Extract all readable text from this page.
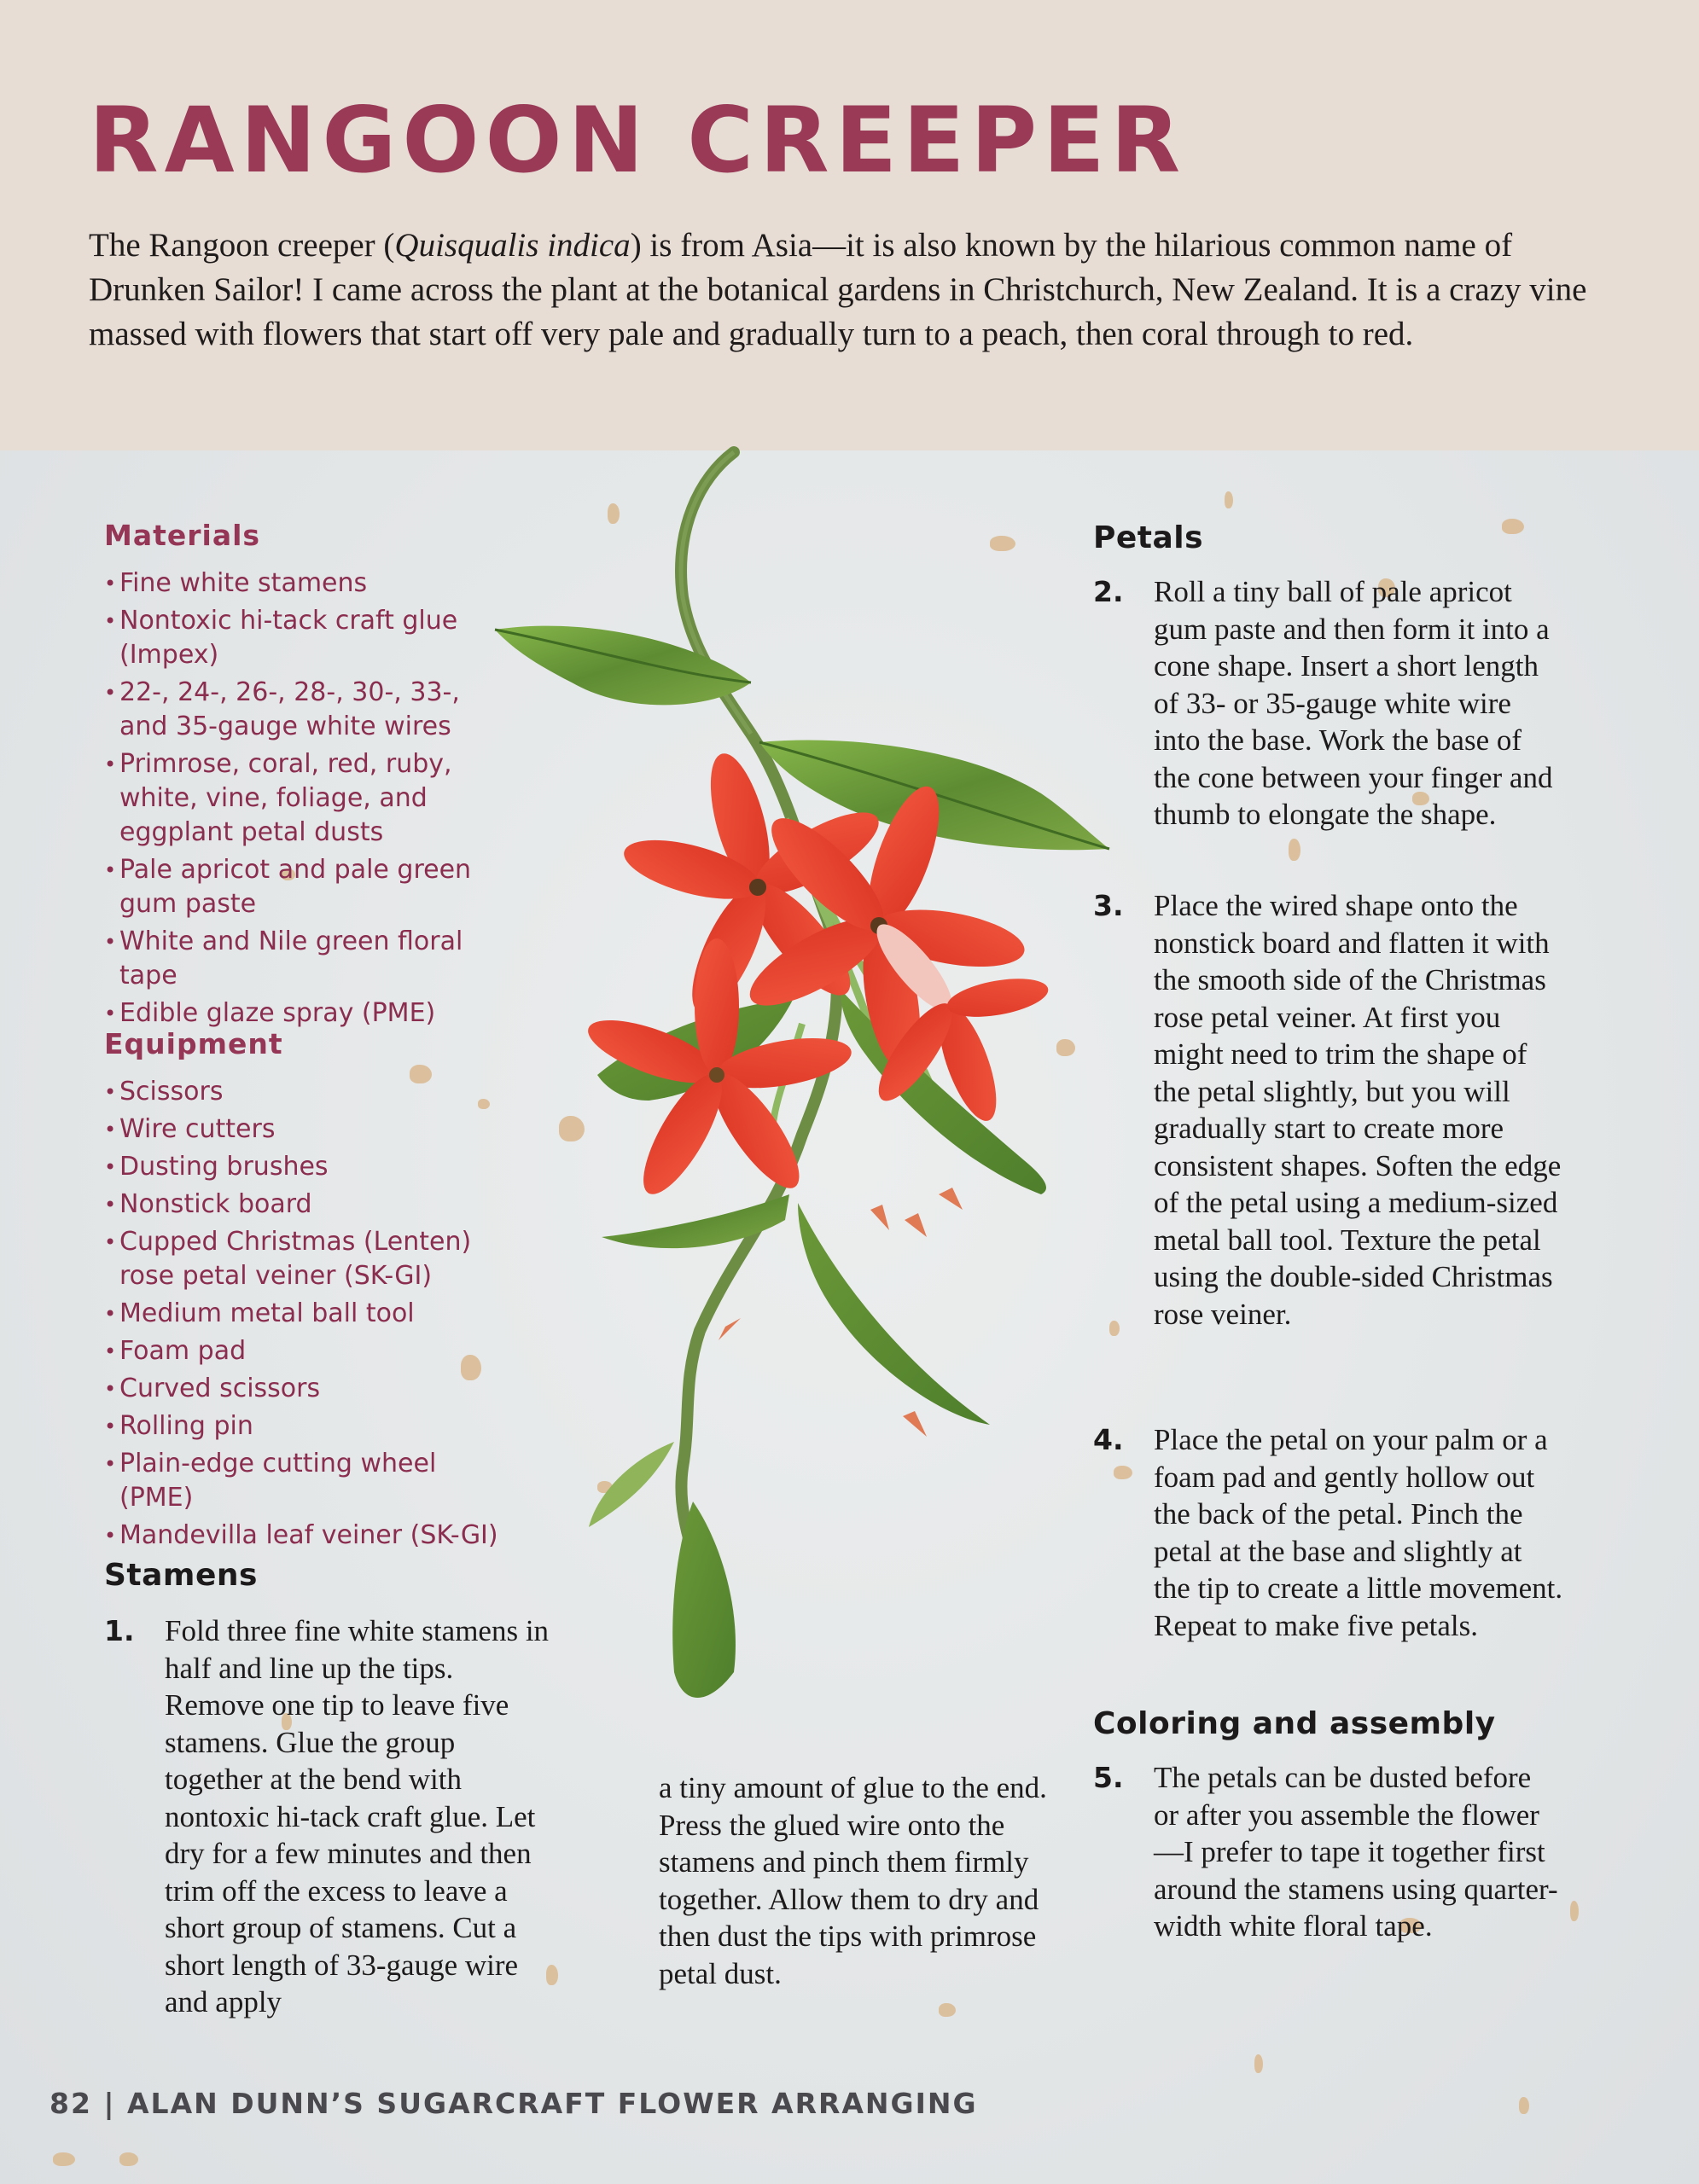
RANGOON CREEPER

The Rangoon creeper (Quisqualis indica) is from Asia—it is also known by the hilarious common name of Drunken Sailor! I came across the plant at the botanical gardens in Christchurch, New Zealand. It is a crazy vine massed with flowers that start off very pale and gradually turn to a peach, then coral through to red.

Materials
• Fine white stamens
• Nontoxic hi-tack craft glue (Impex)
• 22-, 24-, 26-, 28-, 30-, 33-, and 35-gauge white wires
• Primrose, coral, red, ruby, white, vine, foliage, and eggplant petal dusts
• Pale apricot and pale green gum paste
• White and Nile green floral tape
• Edible glaze spray (PME)
Equipment
• Scissors
• Wire cutters
• Dusting brushes
• Nonstick board
• Cupped Christmas (Lenten) rose petal veiner (SK-GI)
• Medium metal ball tool
• Foam pad
• Curved scissors
• Rolling pin
• Plain-edge cutting wheel (PME)
• Mandevilla leaf veiner (SK-GI)
Stamens
1. Fold three fine white stamens in half and line up the tips. Remove one tip to leave five stamens. Glue the group together at the bend with nontoxic hi-tack craft glue. Let dry for a few minutes and then trim off the excess to leave a short group of stamens. Cut a short length of 33-gauge wire and apply

a tiny amount of glue to the end. Press the glued wire onto the stamens and pinch them firmly together. Allow them to dry and then dust the tips with primrose petal dust.

Petals
2. Roll a tiny ball of pale apricot gum paste and then form it into a cone shape. Insert a short length of 33- or 35-gauge white wire into the base. Work the base of the cone between your finger and thumb to elongate the shape.

3. Place the wired shape onto the nonstick board and flatten it with the smooth side of the Christmas rose petal veiner. At first you might need to trim the shape of the petal slightly, but you will gradually start to create more consistent shapes. Soften the edge of the petal using a medium-sized metal ball tool. Texture the petal using the double-sided Christmas rose veiner.

4. Place the petal on your palm or a foam pad and gently hollow out the back of the petal. Pinch the petal at the base and slightly at the tip to create a little movement. Repeat to make five petals.

Coloring and assembly
5. The petals can be dusted before or after you assemble the flower—I prefer to tape it together first around the stamens using quarter-width white floral tape.

82 | ALAN DUNN’S SUGARCRAFT FLOWER ARRANGING
